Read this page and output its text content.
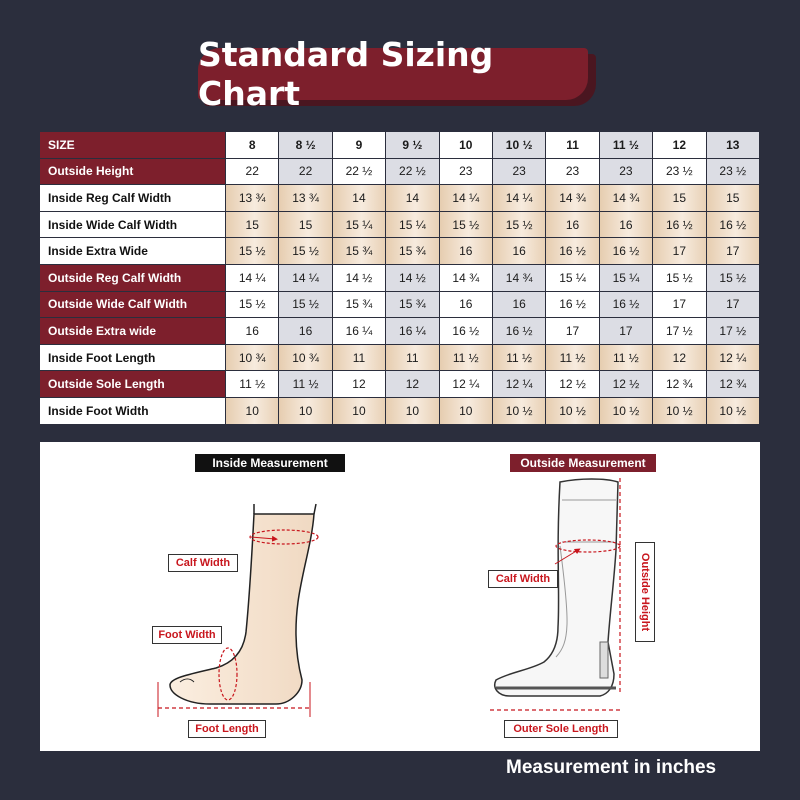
Standard Sizing Chart
SIZE	8	8 ½	9	9 ½	10	10 ½	11	11 ½	12	13
Outside Height	22	22	22 ½	22 ½	23	23	23	23	23 ½	23 ½
Inside Reg Calf Width	13 ¾	13 ¾	14	14	14 ¼	14 ¼	14 ¾	14 ¾	15	15
Inside Wide Calf Width	15	15	15 ¼	15 ¼	15 ½	15 ½	16	16	16 ½	16 ½
Inside Extra Wide	15 ½	15 ½	15 ¾	15 ¾	16	16	16 ½	16 ½	17	17
Outside Reg Calf Width	14 ¼	14 ¼	14 ½	14 ½	14 ¾	14 ¾	15 ¼	15 ¼	15 ½	15 ½
Outside Wide Calf Width	15 ½	15 ½	15 ¾	15 ¾	16	16	16 ½	16 ½	17	17
Outside Extra wide	16	16	16 ¼	16 ¼	16 ½	16 ½	17	17	17 ½	17 ½
Inside Foot Length	10 ¾	10 ¾	11	11	11 ½	11 ½	11 ½	11 ½	12	12 ¼
Outside Sole Length	11 ½	11 ½	12	12	12 ¼	12 ¼	12 ½	12 ½	12 ¾	12 ¾
Inside Foot Width	10	10	10	10	10	10 ½	10 ½	10 ½	10 ½	10 ½
Inside Measurement	Outside Measurement
Calf Width
Foot Width
Foot Length
Calf Width	Outside Height
Outer Sole Length
Measurement in inches
